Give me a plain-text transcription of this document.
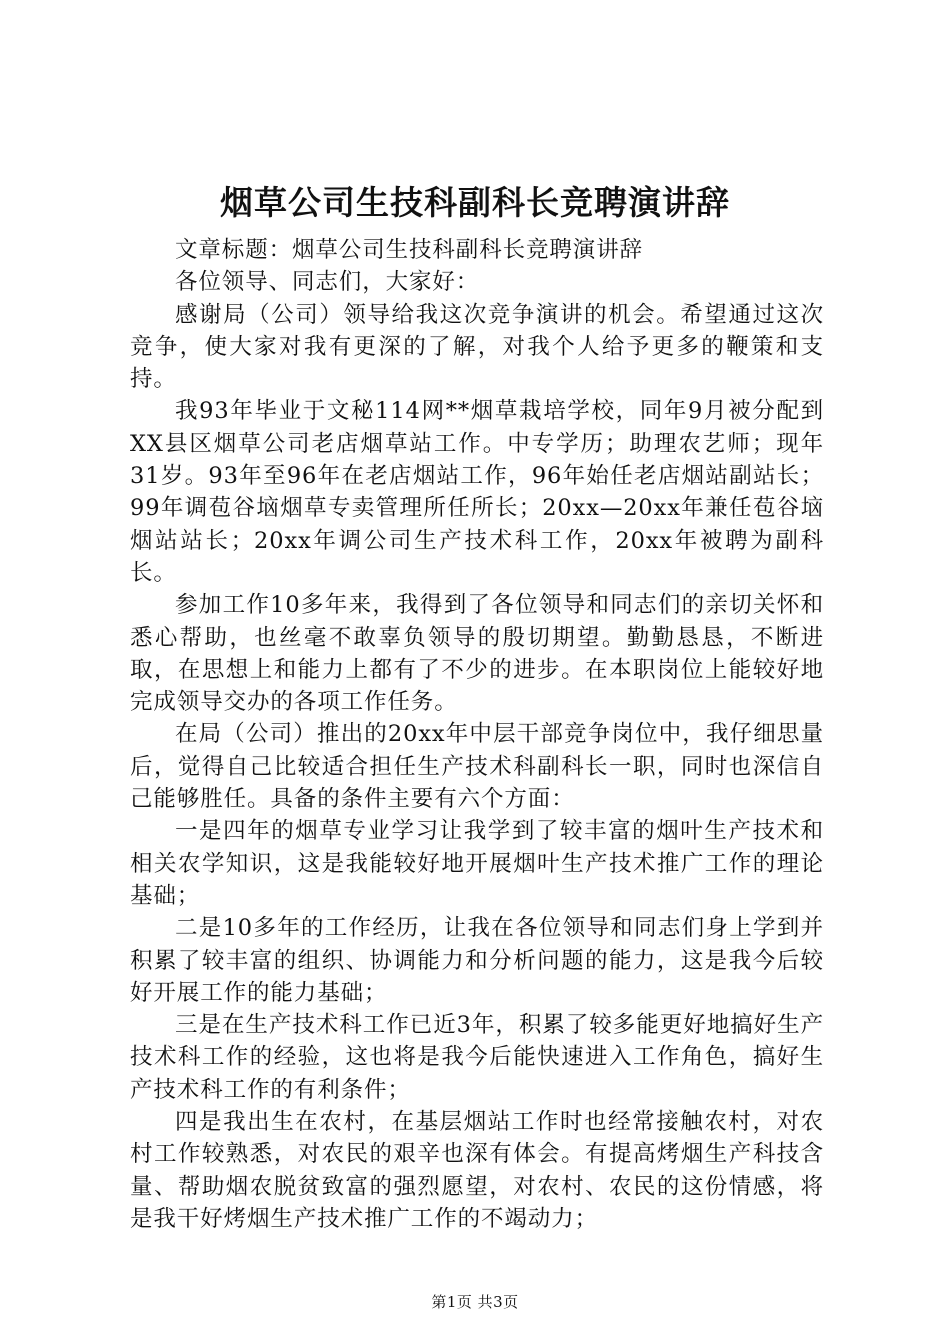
烟草公司生技科副科长竞聘演讲辞

文章标题：烟草公司生技科副科长竞聘演讲辞

各位领导、同志们，大家好：

感谢局（公司）领导给我这次竞争演讲的机会。希望通过这次竞争，使大家对我有更深的了解，对我个人给予更多的鞭策和支持。

我93年毕业于文秘114网**烟草栽培学校，同年9月被分配到XX县区烟草公司老店烟草站工作。中专学历；助理农艺师；现年31岁。93年至96年在老店烟站工作，96年始任老店烟站副站长；99年调苞谷垴烟草专卖管理所任所长；20xx—20xx年兼任苞谷垴烟站站长；20xx年调公司生产技术科工作，20xx年被聘为副科长。

参加工作10多年来，我得到了各位领导和同志们的亲切关怀和悉心帮助，也丝毫不敢辜负领导的殷切期望。勤勤恳恳，不断进取，在思想上和能力上都有了不少的进步。在本职岗位上能较好地完成领导交办的各项工作任务。

在局（公司）推出的20xx年中层干部竞争岗位中，我仔细思量后，觉得自己比较适合担任生产技术科副科长一职，同时也深信自己能够胜任。具备的条件主要有六个方面：

一是四年的烟草专业学习让我学到了较丰富的烟叶生产技术和相关农学知识，这是我能较好地开展烟叶生产技术推广工作的理论基础；

二是10多年的工作经历，让我在各位领导和同志们身上学到并积累了较丰富的组织、协调能力和分析问题的能力，这是我今后较好开展工作的能力基础；

三是在生产技术科工作已近3年，积累了较多能更好地搞好生产技术科工作的经验，这也将是我今后能快速进入工作角色，搞好生产技术科工作的有利条件；

四是我出生在农村，在基层烟站工作时也经常接触农村，对农村工作较熟悉，对农民的艰辛也深有体会。有提高烤烟生产科技含量、帮助烟农脱贫致富的强烈愿望，对农村、农民的这份情感，将是我干好烤烟生产技术推广工作的不竭动力；

第1页 共3页
